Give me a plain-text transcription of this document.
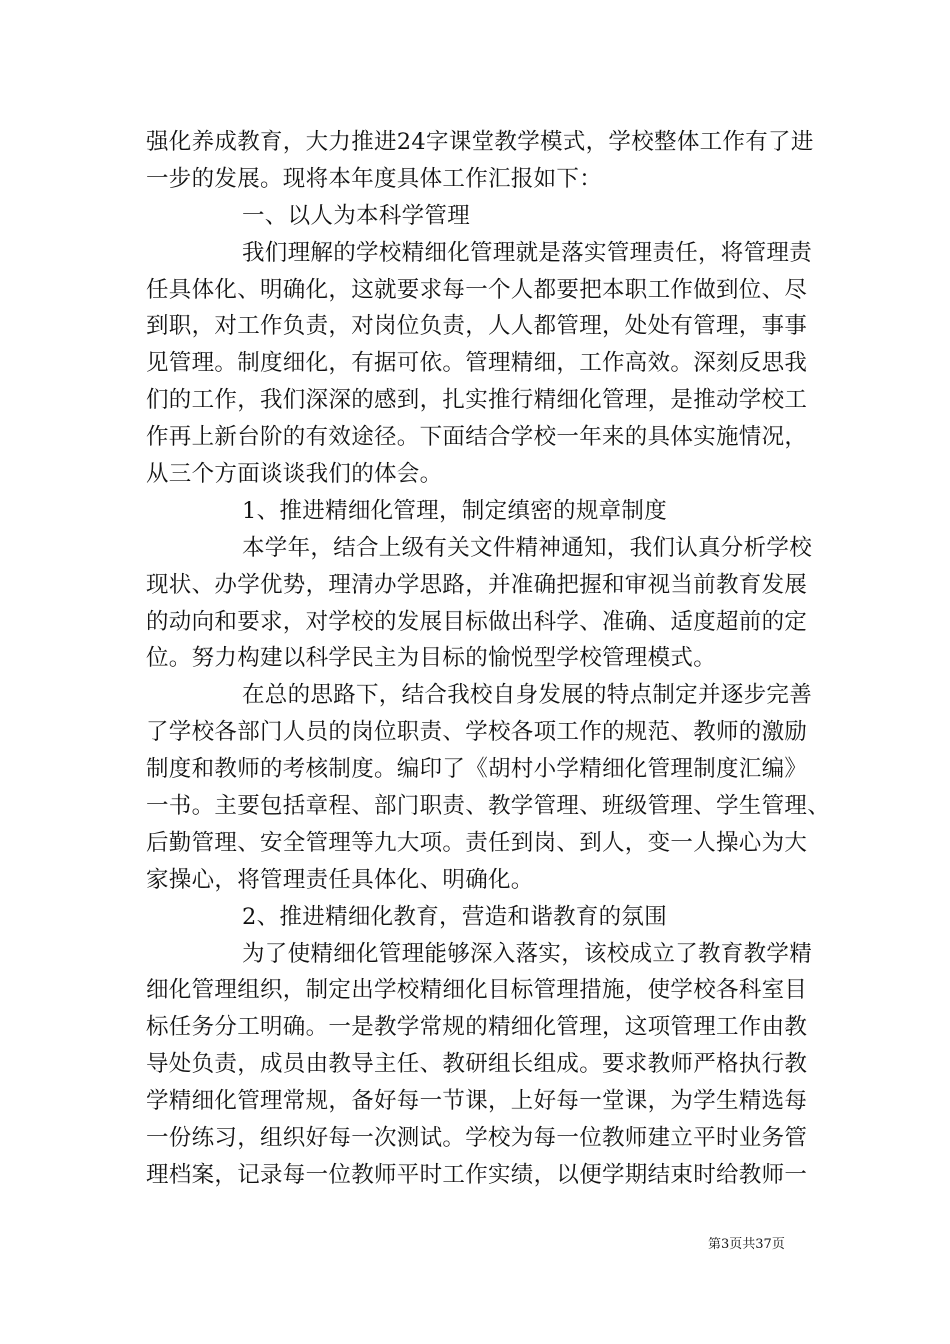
强化养成教育，大力推进24字课堂教学模式，学校整体工作有了进
一步的发展。现将本年度具体工作汇报如下：
一、以人为本科学管理
我们理解的学校精细化管理就是落实管理责任，将管理责
任具体化、明确化，这就要求每一个人都要把本职工作做到位、尽
到职，对工作负责，对岗位负责，人人都管理，处处有管理，事事
见管理。制度细化，有据可依。管理精细，工作高效。深刻反思我
们的工作，我们深深的感到，扎实推行精细化管理，是推动学校工
作再上新台阶的有效途径。下面结合学校一年来的具体实施情况，
从三个方面谈谈我们的体会。
1、推进精细化管理，制定缜密的规章制度
本学年，结合上级有关文件精神通知，我们认真分析学校
现状、办学优势，理清办学思路，并准确把握和审视当前教育发展
的动向和要求，对学校的发展目标做出科学、准确、适度超前的定
位。努力构建以科学民主为目标的愉悦型学校管理模式。
在总的思路下，结合我校自身发展的特点制定并逐步完善
了学校各部门人员的岗位职责、学校各项工作的规范、教师的激励
制度和教师的考核制度。编印了《胡村小学精细化管理制度汇编》
一书。主要包括章程、部门职责、教学管理、班级管理、学生管理、
后勤管理、安全管理等九大项。责任到岗、到人，变一人操心为大
家操心，将管理责任具体化、明确化。
2、推进精细化教育，营造和谐教育的氛围
为了使精细化管理能够深入落实，该校成立了教育教学精
细化管理组织，制定出学校精细化目标管理措施，使学校各科室目
标任务分工明确。一是教学常规的精细化管理，这项管理工作由教
导处负责，成员由教导主任、教研组长组成。要求教师严格执行教
学精细化管理常规，备好每一节课，上好每一堂课，为学生精选每
一份练习，组织好每一次测试。学校为每一位教师建立平时业务管
理档案，记录每一位教师平时工作实绩，以便学期结束时给教师一
第3页共37页
